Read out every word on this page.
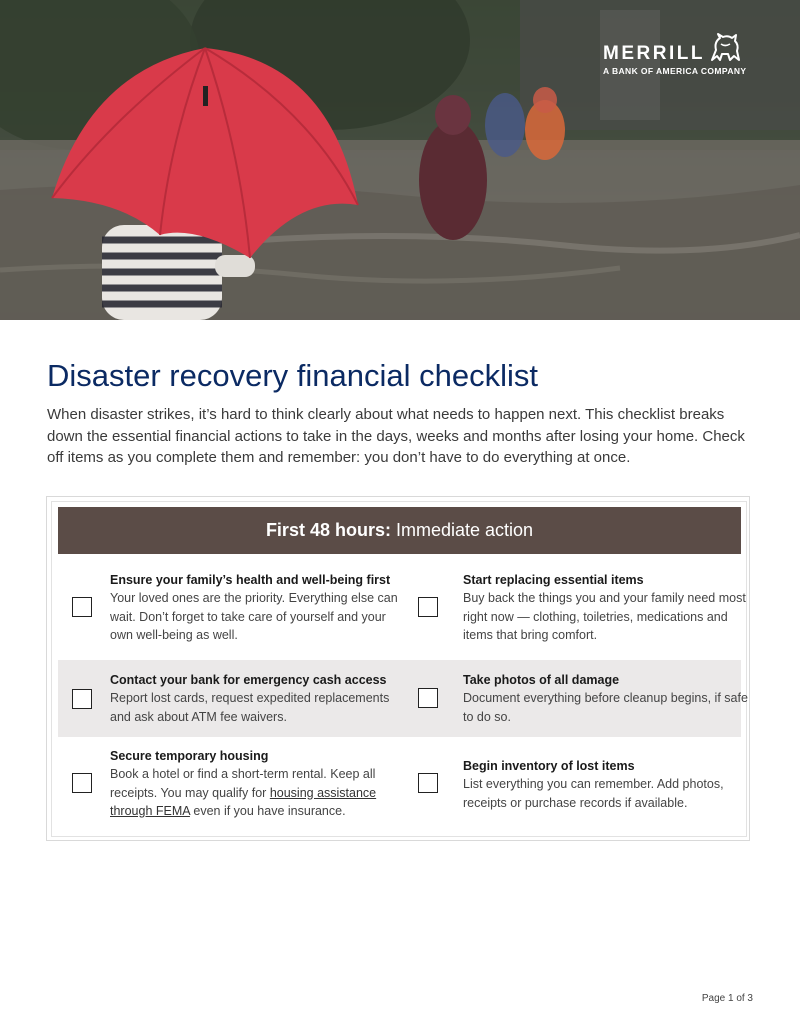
MERRILL
A BANK OF AMERICA COMPANY
Disaster recovery financial checklist

When disaster strikes, it’s hard to think clearly about what needs to happen next. This checklist breaks down the essential financial actions to take in the days, weeks and months after losing your home. Check off items as you complete them and remember: you don’t have to do everything at once.

First 48 hours: Immediate action
Ensure your family’s health and well-being first
Your loved ones are the priority. Everything else can wait. Don’t forget to take care of yourself and your own well-being as well.
Start replacing essential items
Buy back the things you and your family need most right now — clothing, toiletries, medications and items that bring comfort.
Contact your bank for emergency cash access
Report lost cards, request expedited replacements and ask about ATM fee waivers.
Take photos of all damage
Document everything before cleanup begins, if safe to do so.
Secure temporary housing
Book a hotel or find a short-term rental. Keep all receipts. You may qualify for housing assistance through FEMA even if you have insurance.
Begin inventory of lost items
List everything you can remember. Add photos, receipts or purchase records if available.
Page 1 of 3
